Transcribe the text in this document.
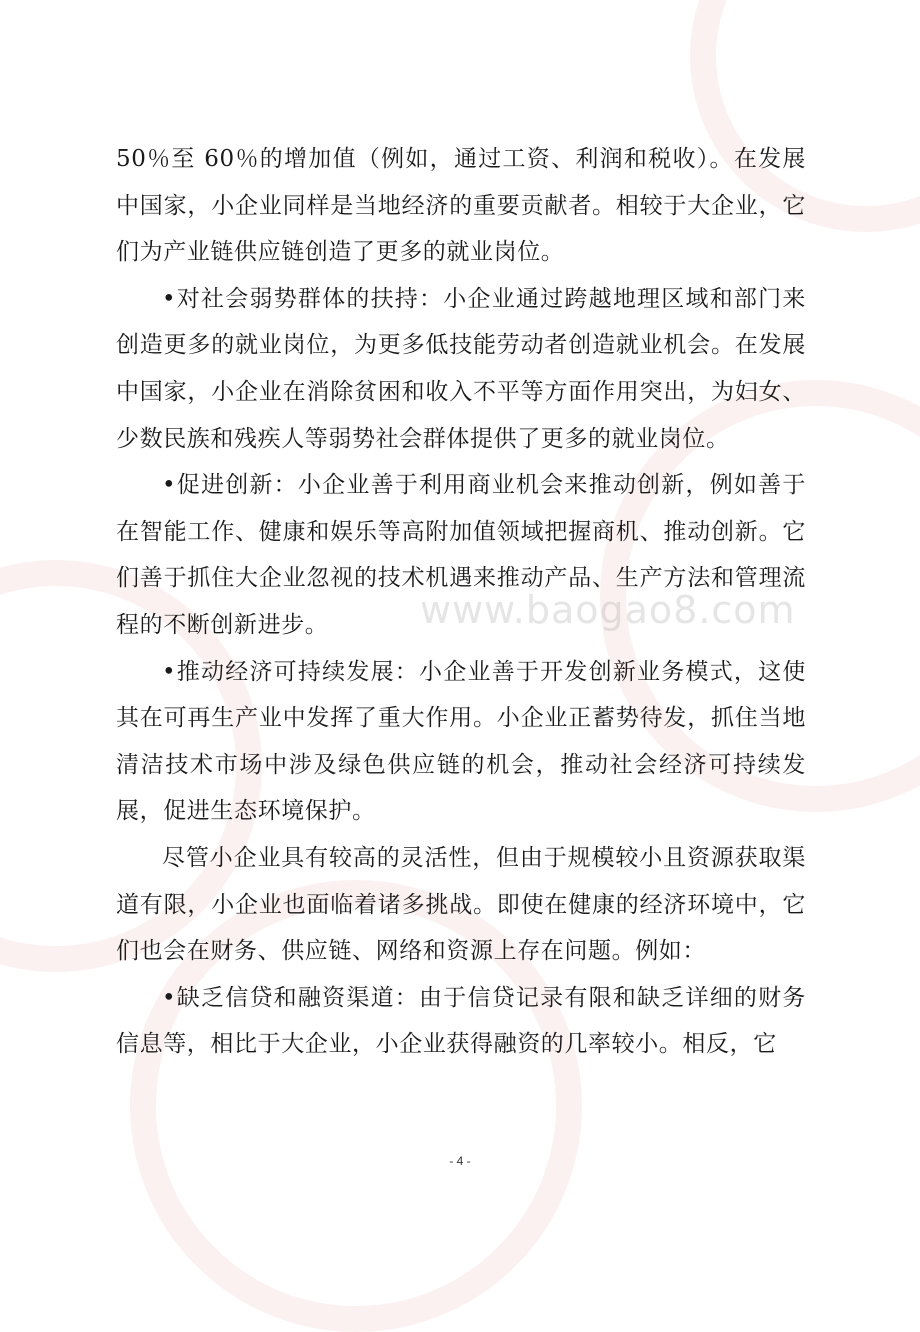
www.baogao8.com

50％至 60％的增加值（例如，通过工资、利润和税收）。在发展中国家，小企业同样是当地经济的重要贡献者。相较于大企业，它们为产业链供应链创造了更多的就业岗位。

•对社会弱势群体的扶持：小企业通过跨越地理区域和部门来创造更多的就业岗位，为更多低技能劳动者创造就业机会。在发展中国家，小企业在消除贫困和收入不平等方面作用突出，为妇女、少数民族和残疾人等弱势社会群体提供了更多的就业岗位。

•促进创新：小企业善于利用商业机会来推动创新，例如善于在智能工作、健康和娱乐等高附加值领域把握商机、推动创新。它们善于抓住大企业忽视的技术机遇来推动产品、生产方法和管理流程的不断创新进步。

•推动经济可持续发展：小企业善于开发创新业务模式，这使其在可再生产业中发挥了重大作用。小企业正蓄势待发，抓住当地清洁技术市场中涉及绿色供应链的机会，推动社会经济可持续发展，促进生态环境保护。

尽管小企业具有较高的灵活性，但由于规模较小且资源获取渠道有限，小企业也面临着诸多挑战。即使在健康的经济环境中，它们也会在财务、供应链、网络和资源上存在问题。例如：

•缺乏信贷和融资渠道：由于信贷记录有限和缺乏详细的财务信息等，相比于大企业，小企业获得融资的几率较小。相反，它

- 4 -
